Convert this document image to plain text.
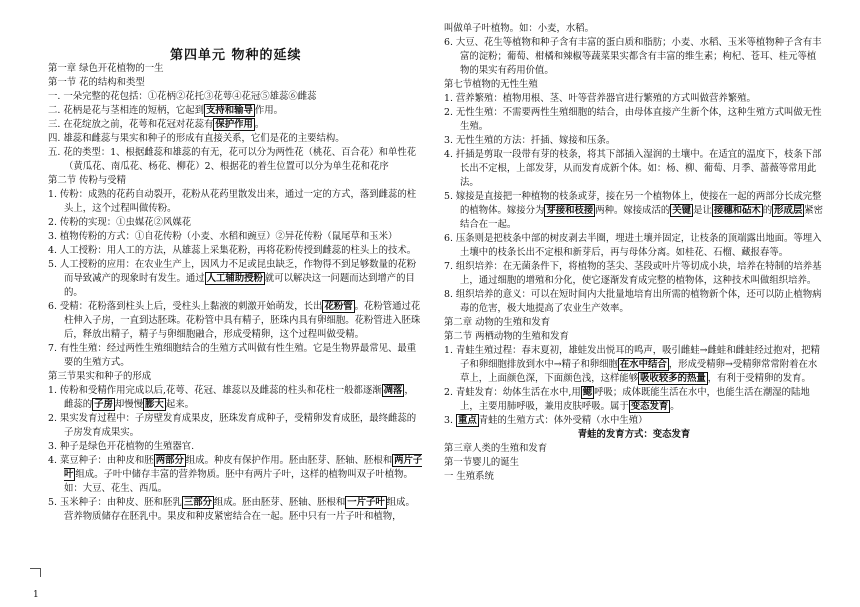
第四单元 物种的延续

第一章 绿色开花植物的一生

第一节 花的结构和类型

一. 一朵完整的花包括：①花柄②花托③花萼④花冠⑤雄蕊⑥雌蕊

二. 花柄是花与茎相连的短柄，它起到 支持和输导 作用。

三. 在花绽放之前，花萼和花冠对花蕊有 保护作用 。

四. 雄蕊和雌蕊与果实和种子的形成有直接关系，它们是花的主要结构。

五. 花的类型：1、根据雌蕊和雄蕊的有无，花可以分为两性花（桃花、百合花）和单性花（黄瓜花、南瓜花、杨花、柳花）2、根据花的着生位置可以分为单生花和花序

第二节 传粉与受精

1. 传粉：成熟的花药自动裂开，花粉从花药里散发出来，通过一定的方式，落到雌蕊的柱头上，这个过程叫做传粉。

2. 传粉的实现：①虫媒花②风媒花

3. 植物传粉的方式：①自花传粉（小麦、水稻和豌豆）②异花传粉（鼠尾草和玉米）

4. 人工授粉：用人工的方法，从雄蕊上采集花粉，再将花粉传授到雌蕊的柱头上的技术。

5. 人工授粉的应用：在农业生产上，因风力不足或昆虫缺乏，作物得不到足够数量的花粉而导致减产的现象时有发生。通过 人工辅助授粉 就可以解决这一问题而达到增产的目的。

6. 受精：花粉落到柱头上后，受柱头上黏液的刺激开始萌发，长出 花粉管 。花粉管通过花柱伸入子房，一直到达胚珠。花粉管中具有精子，胚珠内具有卵细胞。花粉管进入胚珠后，释放出精子，精子与卵细胞融合，形成受精卵，这个过程叫做受精。

7. 有性生殖：经过两性生殖细胞结合的生殖方式叫做有性生殖。它是生物界最常见、最重要的生殖方式。

第三节果实和种子的形成

1. 传粉和受精作用完成以后,花萼、花冠、雄蕊以及雌蕊的柱头和花柱一般都逐渐 凋落 ，雌蕊的 子房 却慢慢 膨大 起来。

2. 果实发育过程中：子房壁发育成果皮，胚珠发育成种子，受精卵发育成胚，最终雌蕊的子房发育成果实。

3. 种子是绿色开花植物的生殖器官.

4. 菜豆种子：由种皮和胚 两部分 组成。种皮有保护作用。胚由胚芽、胚轴、胚根和 两片子叶 组成。子叶中储存丰富的营养物质。胚中有两片子叶，这样的植物叫双子叶植物。如：大豆、花生、西瓜。

5. 玉米种子：由种皮、胚和胚乳 三部分 组成。胚由胚芽、胚轴、胚根和 一片子叶 组成。营养物质储存在胚乳中。果皮和种皮紧密结合在一起。胚中只有一片子叶和植物，

叫做单子叶植物。如：小麦，水稻。

6. 大豆、花生等植物和种子含有丰富的蛋白质和脂肪；小麦、水稻、玉米等植物种子含有丰富的淀粉；葡萄、柑橘和辣椒等蔬菜果实都含有丰富的维生素；枸杞、苍耳、桂元等植物的果实有药用价值。

第七节植物的无性生殖

1. 营养繁殖：植物用根、茎、叶等营养器官进行繁殖的方式叫做营养繁殖。

2. 无性生殖：不需要两性生殖细胞的结合，由母体直接产生新个体，这种生殖方式叫做无性生殖。

3. 无性生殖的方法：扦插、嫁接和压条。

4. 扦插是剪取一段带有芽的枝条，将其下部插入湿润的土壤中。在适宜的温度下，枝条下部长出不定根，上部发芽，从而发育成新个体。如：杨、柳、葡萄、月季、蔷薇等常用此法。

5. 嫁接是直接把一种植物的枝条或芽，接在另一个植物体上，使接在一起的两部分长成完整的植物体。嫁接分为 芽接和枝接 两种。嫁接成活的 关键 是让 接穗和砧木 的 形成层 紧密结合在一起。

6. 压条则是把枝条中部的树皮剥去半圈，埋进土壤并固定，让枝条的顶端露出地面。等埋入土壤中的枝条长出不定根和新芽后，再与母体分离。如桂花、石榴、藏报春等。

7. 组织培养：在无菌条件下，将植物的茎尖、茎段或叶片等切成小块，培养在特制的培养基上，通过细胞的增殖和分化，使它逐渐发育成完整的植物体，这种技术叫做组织培养。

8. 组织培养的意义：可以在短时间内大批量地培育出所需的植物新个体，还可以防止植物病毒的危害，极大地提高了农业生产效率。

第二章 动物的生殖和发育

第二节 两栖动物的生殖和发育

1. 青蛙生殖过程：春末夏初，雄蛙发出悦耳的鸣声，吸引雌蛙→雌蛙和雌蛙经过抱对，把精子和卵细胞排放到水中→精子和卵细胞 在水中结合 ，形成受精卵→受精卵常常附着在水草上，上面颜色深，下面颜色浅，这样能够 吸收较多的热量 ，有利于受精卵的发育。

2. 青蛙发育：幼体生活在水中,用 鳃 呼吸；成体既能生活在水中，也能生活在潮湿的陆地上，主要用肺呼吸，兼用皮肤呼吸。属于 变态发育 。

3. 重点 青蛙的生殖方式：体外受精（水中生殖）

青蛙的发育方式：变态发育

第三章人类的生殖和发育

第一节婴儿的诞生

一 生殖系统

1
